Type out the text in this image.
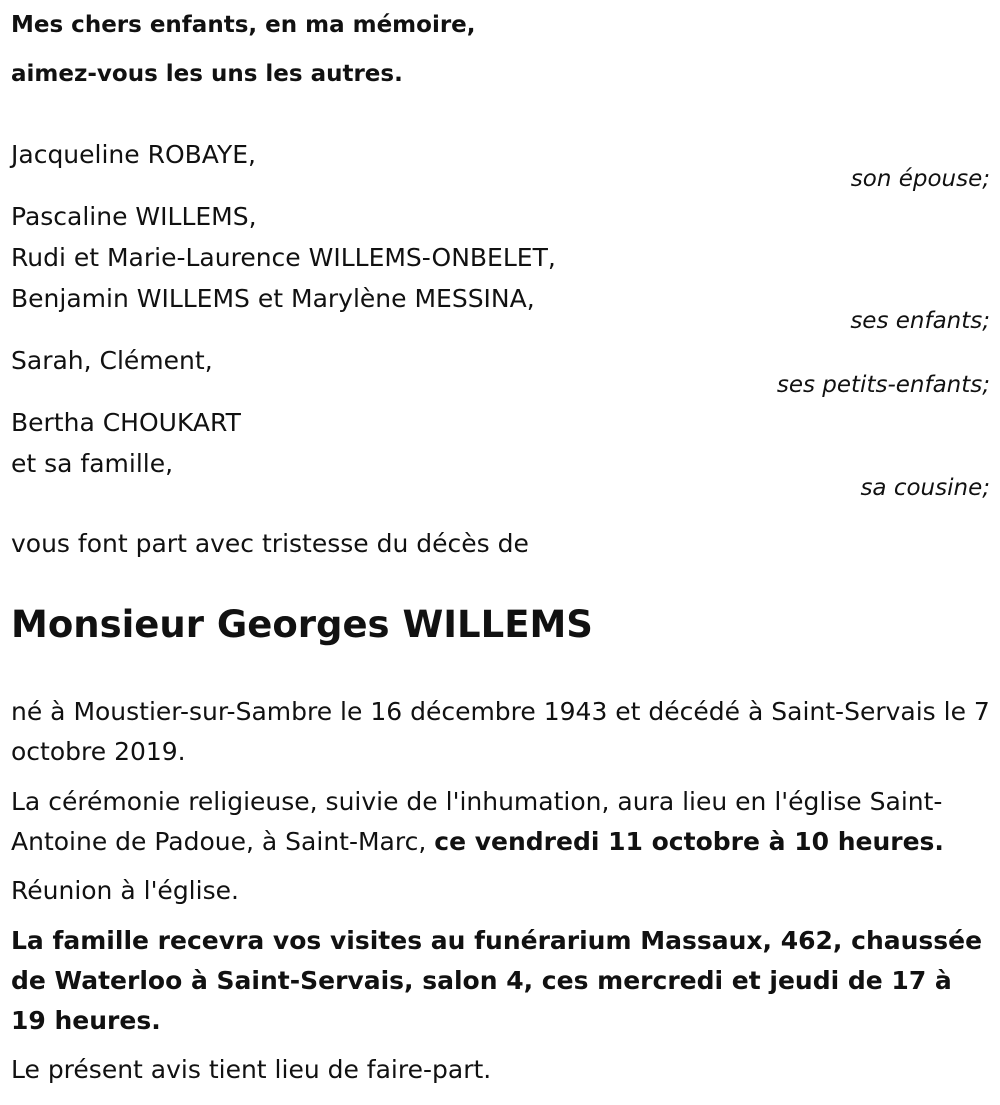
Mes chers enfants, en ma mémoire,

aimez-vous les uns les autres.

Jacqueline ROBAYE,
son épouse;
Pascaline WILLEMS,
Rudi et Marie-Laurence WILLEMS-ONBELET,
Benjamin WILLEMS et Marylène MESSINA,
ses enfants;
Sarah, Clément,
ses petits-enfants;
Bertha CHOUKART
et sa famille,
sa cousine;
vous font part avec tristesse du décès de
Monsieur Georges WILLEMS
né à Moustier-sur-Sambre le 16 décembre 1943 et décédé à Saint-Servais le 7 octobre 2019.
La cérémonie religieuse, suivie de l'inhumation, aura lieu en l'église Saint-Antoine de Padoue, à Saint-Marc, ce vendredi 11 octobre à 10 heures.
Réunion à l'église.
La famille recevra vos visites au funérarium Massaux, 462, chaussée de Waterloo à Saint-Servais, salon 4, ces mercredi et jeudi de 17 à 19 heures.
Le présent avis tient lieu de faire-part.
